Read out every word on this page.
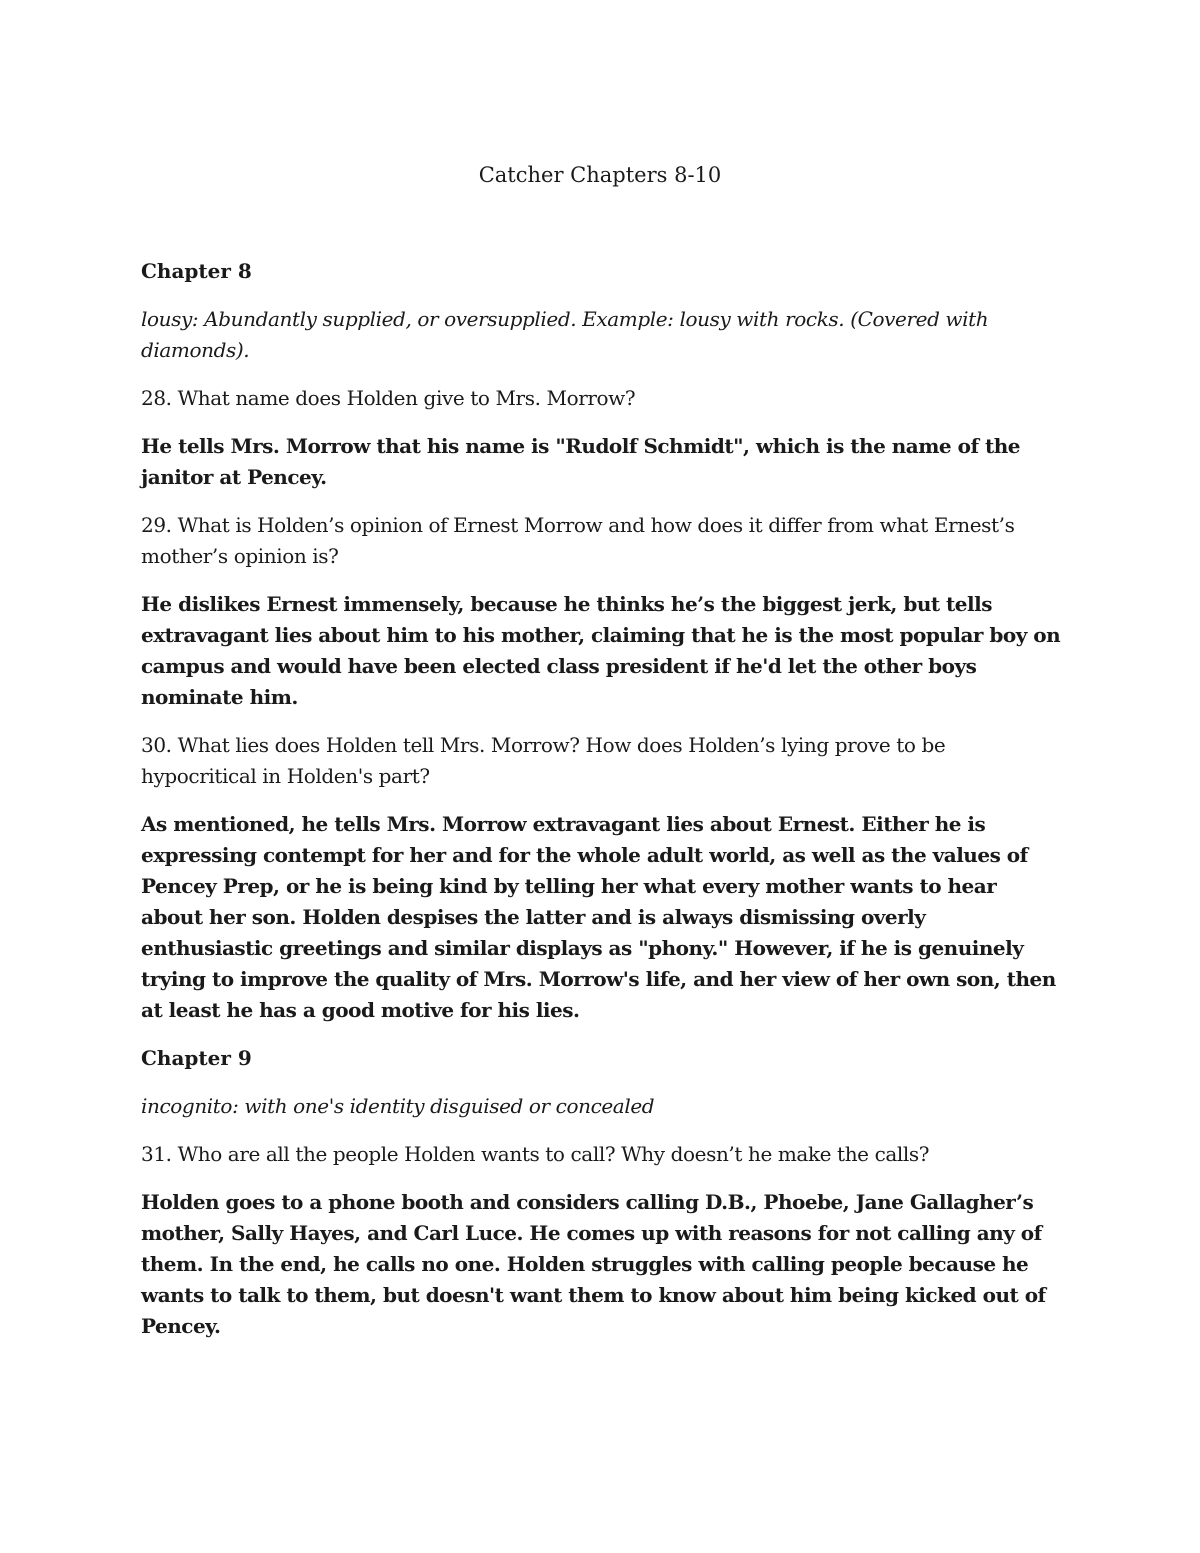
Catcher Chapters 8-10
Chapter 8
lousy: Abundantly supplied, or oversupplied. Example: lousy with rocks. (Covered with diamonds).
28. What name does Holden give to Mrs. Morrow?
He tells Mrs. Morrow that his name is "Rudolf Schmidt", which is the name of the janitor at Pencey.
29. What is Holden’s opinion of Ernest Morrow and how does it differ from what Ernest’s mother’s opinion is?
He dislikes Ernest immensely, because he thinks he’s the biggest jerk, but tells extravagant lies about him to his mother, claiming that he is the most popular boy on campus and would have been elected class president if he'd let the other boys nominate him.
30. What lies does Holden tell Mrs. Morrow? How does Holden’s lying prove to be hypocritical in Holden's part?
As mentioned, he tells Mrs. Morrow extravagant lies about Ernest. Either he is expressing contempt for her and for the whole adult world, as well as the values of Pencey Prep, or he is being kind by telling her what every mother wants to hear about her son. Holden despises the latter and is always dismissing overly enthusiastic greetings and similar displays as "phony." However, if he is genuinely trying to improve the quality of Mrs. Morrow's life, and her view of her own son, then at least he has a good motive for his lies.
Chapter 9
incognito: with one's identity disguised or concealed
31. Who are all the people Holden wants to call? Why doesn’t he make the calls?
Holden goes to a phone booth and considers calling D.B., Phoebe, Jane Gallagher’s mother, Sally Hayes, and Carl Luce. He comes up with reasons for not calling any of them. In the end, he calls no one. Holden struggles with calling people because he wants to talk to them, but doesn't want them to know about him being kicked out of Pencey.
